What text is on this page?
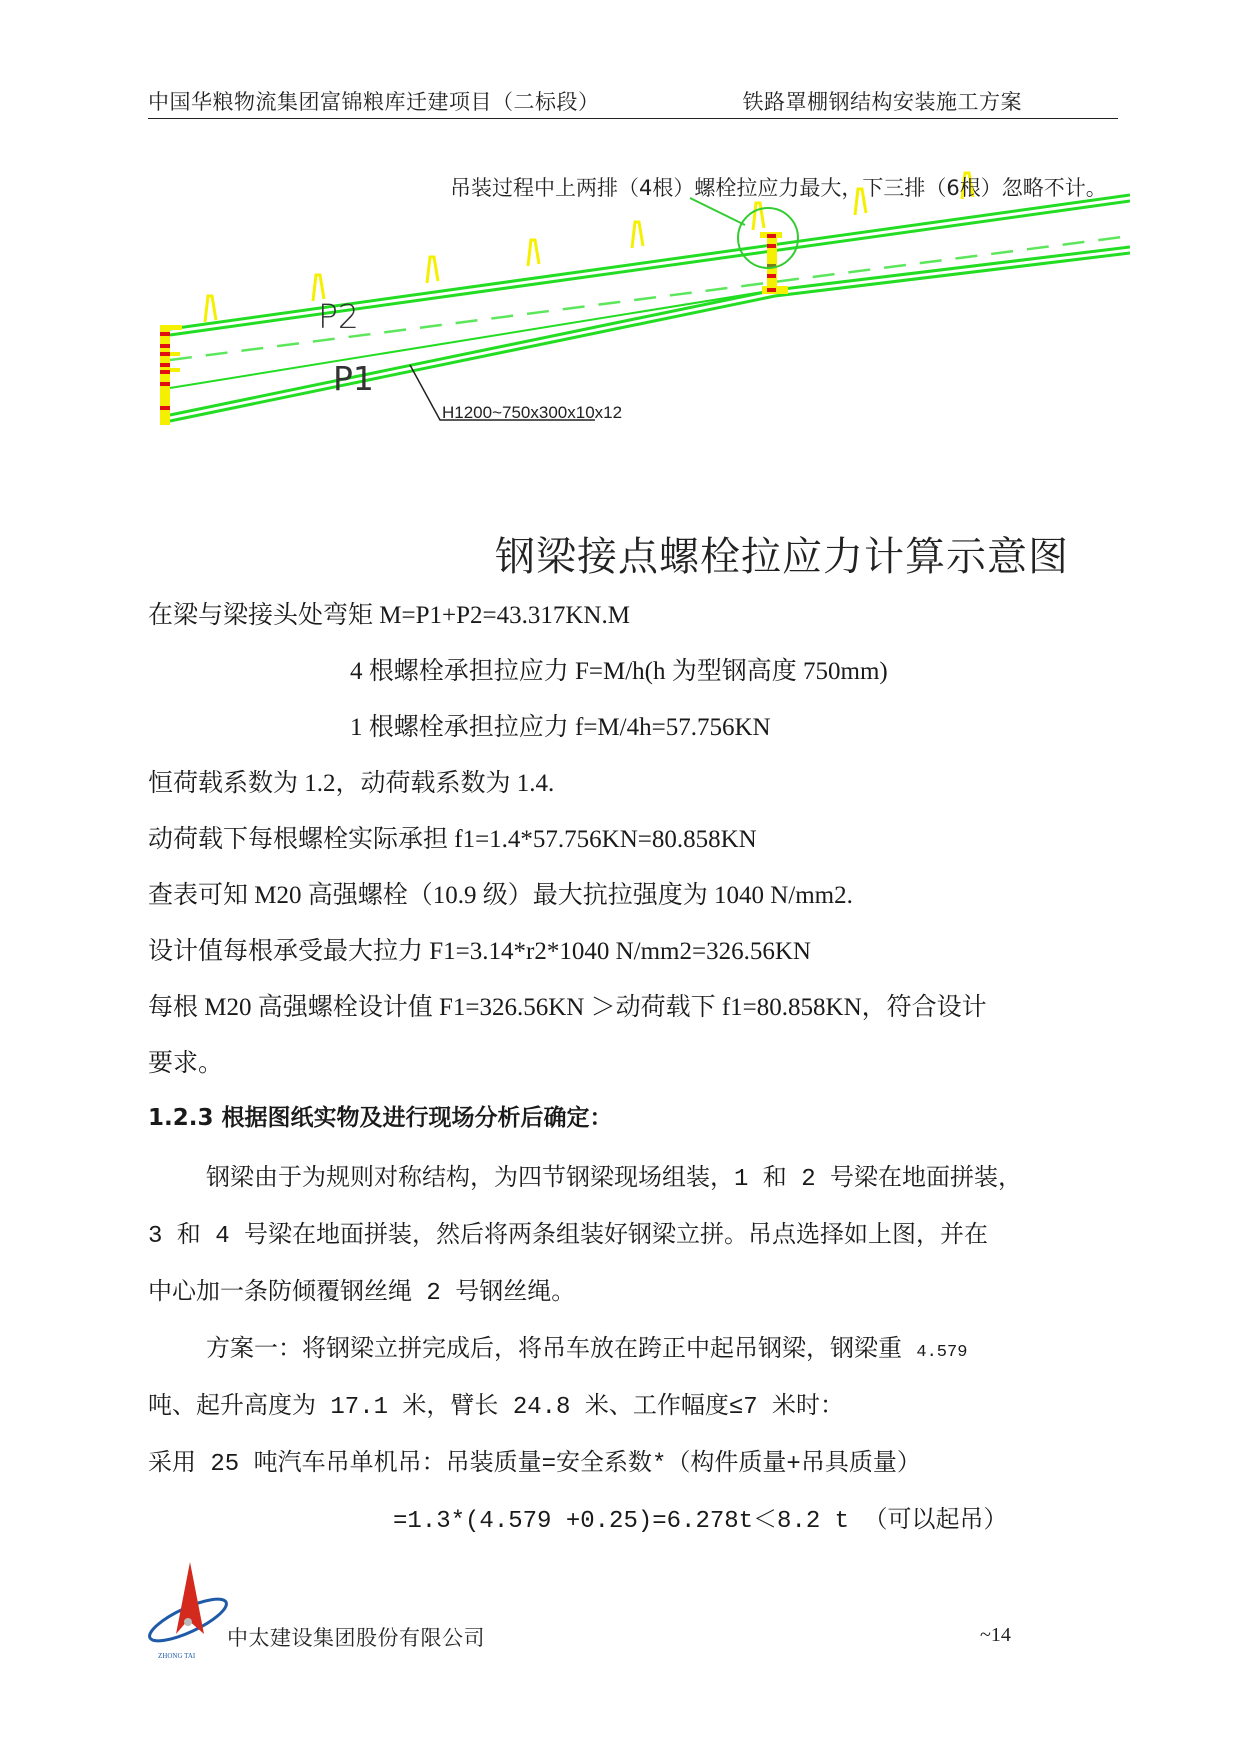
中国华粮物流集团富锦粮库迁建项目（二标段）	铁路罩棚钢结构安装施工方案
吊装过程中上两排（4根）螺栓拉应力最大，下三排（6根）忽略不计。
P2
P1
H1200~750x300x10x12
钢梁接点螺栓拉应力计算示意图
在梁与梁接头处弯矩 M=P1+P2=43.317KN.M
4 根螺栓承担拉应力 F=M/h(h 为型钢高度 750mm)
1 根螺栓承担拉应力 f=M/4h=57.756KN
恒荷载系数为 1.2，动荷载系数为 1.4.
动荷载下每根螺栓实际承担 f1=1.4*57.756KN=80.858KN
查表可知 M20 高强螺栓（10.9 级）最大抗拉强度为 1040 N/mm2.
设计值每根承受最大拉力 F1=3.14*r2*1040 N/mm2=326.56KN
每根 M20 高强螺栓设计值 F1=326.56KN ＞动荷载下 f1=80.858KN，符合设计
要求。
1.2.3 根据图纸实物及进行现场分析后确定：
钢梁由于为规则对称结构，为四节钢梁现场组装，1 和 2 号梁在地面拼装，
3 和 4 号梁在地面拼装，然后将两条组装好钢梁立拼。吊点选择如上图，并在
中心加一条防倾覆钢丝绳 2 号钢丝绳。
方案一：将钢梁立拼完成后，将吊车放在跨正中起吊钢梁，钢梁重 4.579
吨、起升高度为 17.1 米，臂长 24.8 米、工作幅度≤7 米时：
采用 25 吨汽车吊单机吊：吊装质量=安全系数*（构件质量+吊具质量）
=1.3*(4.579 +0.25)=6.278t＜8.2 t （可以起吊）
ZHONG TAI
中太建设集团股份有限公司	~14
